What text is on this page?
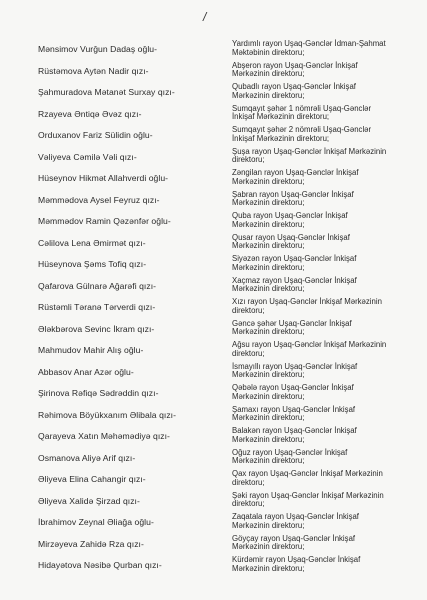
/
Mənsimov Vurğun Dadaş oğlu-
Yardımlı rayon Uşaq-Gənclər İdman-Şahmat
Məktəbinin direktoru;
Rüstəmova Aytən Nadir qızı-
Abşeron rayon Uşaq-Gənclər İnkişaf
Mərkəzinin direktoru;
Şahmuradova Mətanət Surxay qızı-
Qubadlı rayon Uşaq-Gənclər İnkişaf
Mərkəzinin direktoru;
Rzayeva Əntiqə Əvəz qızı-
Sumqayıt şəhər 1 nömrəli Uşaq-Gənclər
İnkişaf Mərkəzinin direktoru;
Orduxanov Fariz Sülidin oğlu-
Sumqayıt şəhər 2 nömrəli Uşaq-Gənclər
İnkişaf Mərkəzinin direktoru;
Vəliyeva Cəmilə Vəli qızı-
Şuşa rayon Uşaq-Gənclər İnkişaf Mərkəzinin
direktoru;
Hüseynov Hikmət Allahverdi oğlu-
Zəngilan rayon Uşaq-Gənclər İnkişaf
Mərkəzinin direktoru;
Məmmədova Aysel Feyruz qızı-
Şabran rayon Uşaq-Gənclər İnkişaf
Mərkəzinin direktoru;
Məmmədov Ramin Qəzənfər oğlu-
Quba rayon Uşaq-Gənclər İnkişaf
Mərkəzinin direktoru;
Cəlilova Lena Əmirmət qızı-
Qusar rayon Uşaq-Gənclər İnkişaf
Mərkəzinin direktoru;
Hüseynova Şəms Tofiq qızı-
Siyəzən rayon Uşaq-Gənclər İnkişaf
Mərkəzinin direktoru;
Qafarova Gülnarə Ağarəfi qızı-
Xaçmaz rayon Uşaq-Gənclər İnkişaf
Mərkəzinin direktoru;
Rüstəmli Təranə Tərverdi qızı-
Xızı rayon Uşaq-Gənclər İnkişaf Mərkəzinin
direktoru;
Ələkbərova Sevinc İkram qızı-
Gəncə şəhər Uşaq-Gənclər İnkişaf
Mərkəzinin direktoru;
Mahmudov Mahir Alış oğlu-
Ağsu rayon Uşaq-Gənclər İnkişaf Mərkəzinin
direktoru;
Abbasov Anar Azər oğlu-
İsmayıllı rayon Uşaq-Gənclər İnkişaf
Mərkəzinin direktoru;
Şirinova Rəfiqə Sədrəddin qızı-
Qəbələ rayon Uşaq-Gənclər İnkişaf
Mərkəzinin direktoru;
Rəhimova Böyükxanım Əlibala qızı-
Şamaxı rayon Uşaq-Gənclər İnkişaf
Mərkəzinin direktoru;
Qarayeva Xatın Məhəmədiyə qızı-
Balakən rayon Uşaq-Gənclər İnkişaf
Mərkəzinin direktoru;
Osmanova Aliyə Arif qızı-
Oğuz rayon Uşaq-Gənclər İnkişaf
Mərkəzinin direktoru;
Əliyeva Elina Cahangir qızı-
Qax rayon Uşaq-Gənclər İnkişaf Mərkəzinin
direktoru;
Əliyeva Xalidə Şirzad qızı-
Şəki rayon Uşaq-Gənclər İnkişaf Mərkəzinin
direktoru;
İbrahimov Zeynal Əliağa oğlu-
Zaqatala rayon Uşaq-Gənclər İnkişaf
Mərkəzinin direktoru;
Mirzəyeva Zahidə Rza qızı-
Göyçay rayon Uşaq-Gənclər İnkişaf
Mərkəzinin direktoru;
Hidayətova Nəsibə Qurban qızı-
Kürdəmir rayon Uşaq-Gənclər İnkişaf
Mərkəzinin direktoru;
